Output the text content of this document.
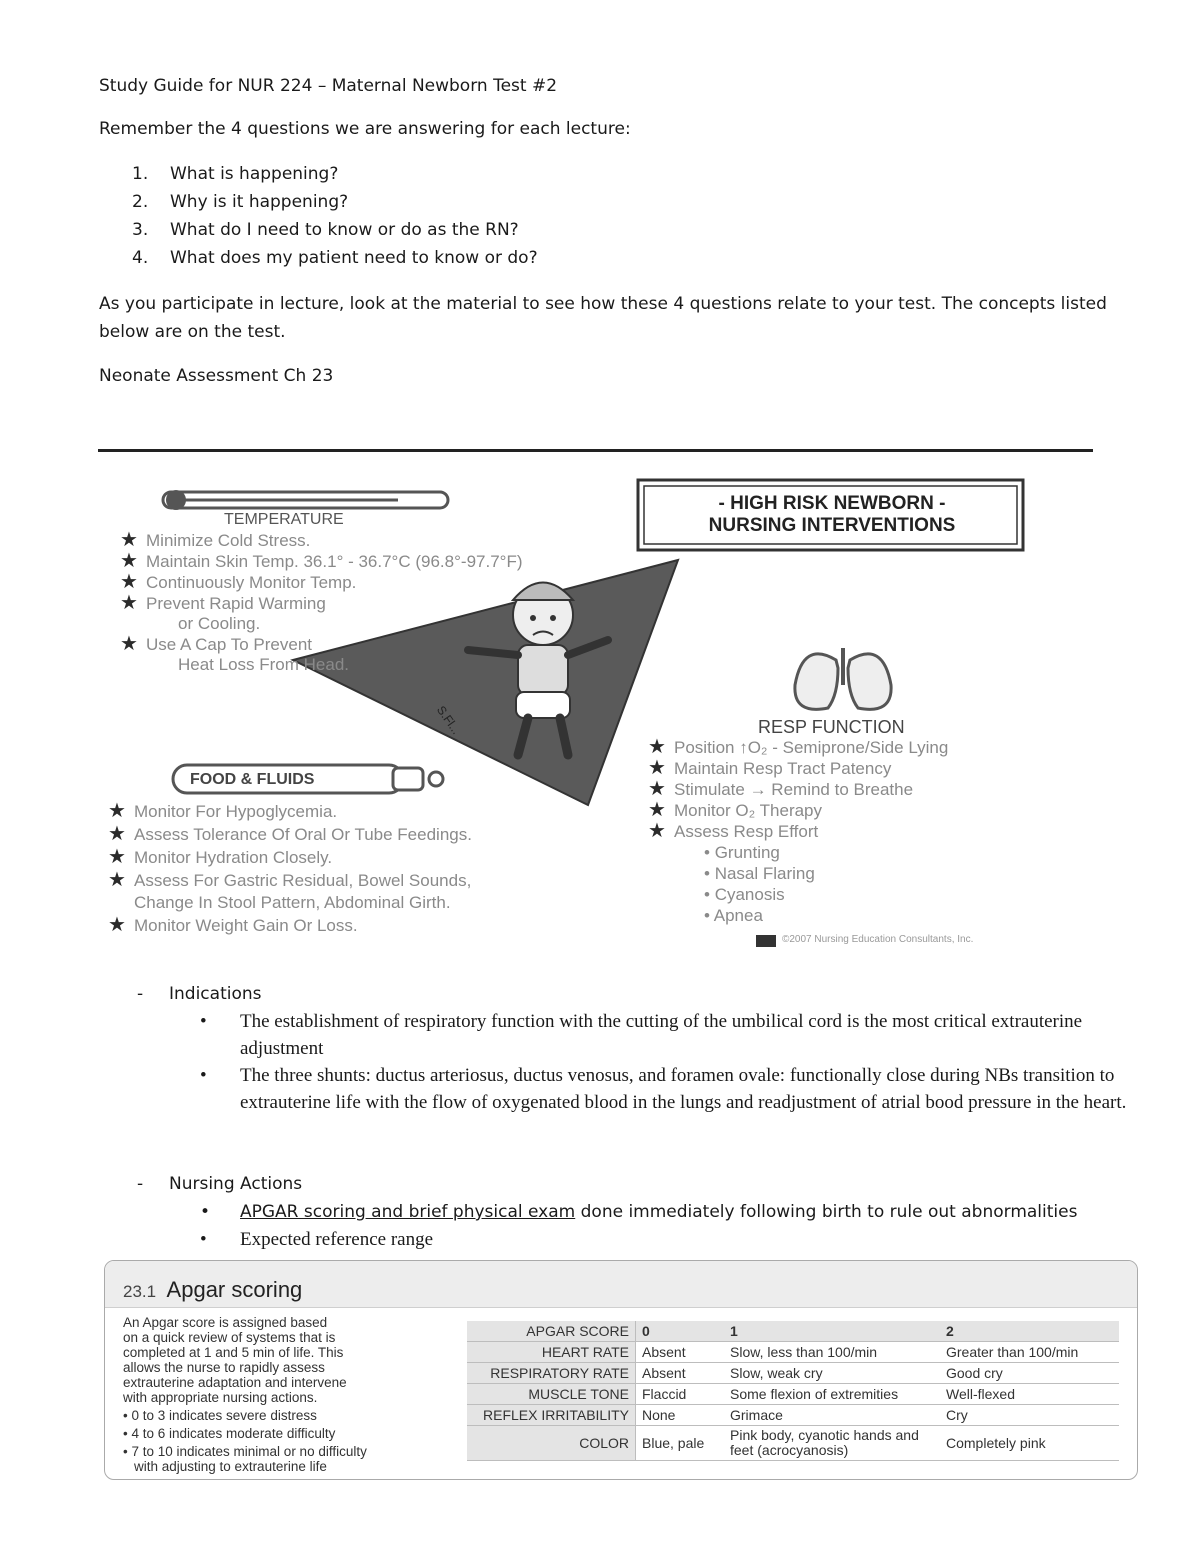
Study Guide for NUR 224 – Maternal Newborn Test #2
Remember the 4 questions we are answering for each lecture:
1. What is happening?
2. Why is it happening?
3. What do I need to know or do as the RN?
4. What does my patient need to know or do?
As you participate in lecture, look at the material to see how these 4 questions relate to your test. The concepts listed below are on the test.
Neonate Assessment Ch 23
- HIGH RISK NEWBORN -
NURSING INTERVENTIONS
TEMPERATURE
★ Minimize Cold Stress.
★ Maintain Skin Temp. 36.1° - 36.7°C (96.8°-97.7°F)
★ Continuously Monitor Temp.
★ Prevent Rapid Warming
or Cooling.
★ Use A Cap To Prevent
Heat Loss From Head.
S.Fl...
FOOD & FLUIDS
★ Monitor For Hypoglycemia.
★ Assess Tolerance Of Oral Or Tube Feedings.
★ Monitor Hydration Closely.
★ Assess For Gastric Residual, Bowel Sounds,
Change In Stool Pattern, Abdominal Girth.
★ Monitor Weight Gain Or Loss.
RESP FUNCTION
★ Position ↑O₂ - Semiprone/Side Lying
★ Maintain Resp Tract Patency
★ Stimulate → Remind to Breathe
★ Monitor O₂ Therapy
★ Assess Resp Effort
• Grunting
• Nasal Flaring
• Cyanosis
• Apnea
©2007 Nursing Education Consultants, Inc.
- Indications
•	The establishment of respiratory function with the cutting of the umbilical cord is the most critical extrauterine adjustment
•	The three shunts: ductus arteriosus, ductus venosus, and foramen ovale: functionally close during NBs transition to extrauterine life with the flow of oxygenated blood in the lungs and readjustment of atrial bood pressure in the heart.
- Nursing Actions
•	APGAR scoring and brief physical exam done immediately following birth to rule out abnormalities
•	Expected reference range
23.1 Apgar scoring
An Apgar score is assigned based
on a quick review of systems that is
completed at 1 and 5 min of life. This
allows the nurse to rapidly assess
extrauterine adaptation and intervene
with appropriate nursing actions.
• 0 to 3 indicates severe distress
• 4 to 6 indicates moderate difficulty
• 7 to 10 indicates minimal or no difficulty
with adjusting to extrauterine life
APGAR SCORE	0	1	2
HEART RATE	Absent	Slow, less than 100/min	Greater than 100/min
RESPIRATORY RATE	Absent	Slow, weak cry	Good cry
MUSCLE TONE	Flaccid	Some flexion of extremities	Well-flexed
REFLEX IRRITABILITY	None	Grimace	Cry
COLOR	Blue, pale	Pink body, cyanotic hands and feet (acrocyanosis)	Completely pink
